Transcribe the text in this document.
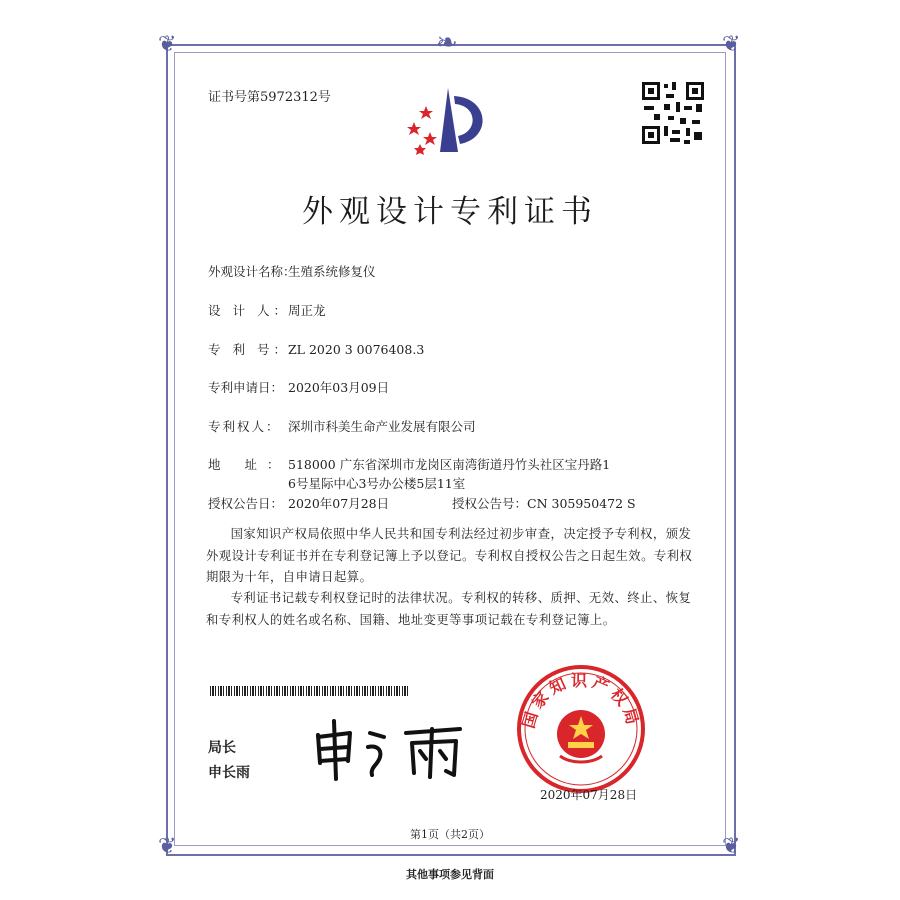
❦	❦
❦	❦
❧
证书号第5972312号
外观设计专利证书
外观设计名称：生殖系统修复仪
设 计 人：周正龙
专 利 号：ZL 2020 3 0076408.3
专利申请日： 2020年03月09日
专利权人： 深圳市科美生命产业发展有限公司
地 址：518000 广东省深圳市龙岗区南湾街道丹竹头社区宝丹路1
6号星际中心3号办公楼5层11室
授权公告日： 2020年07月28日	授权公告号：CN 305950472 S
国家知识产权局依照中华人民共和国专利法经过初步审查，决定授予专利权，颁发外观设计专利证书并在专利登记簿上予以登记。专利权自授权公告之日起生效。专利权期限为十年，自申请日起算。
专利证书记载专利权登记时的法律状况。专利权的转移、质押、无效、终止、恢复和专利权人的姓名或名称、国籍、地址变更等事项记载在专利登记簿上。
局长
申长雨
国家知识产权局
2020年07月28日
第1页（共2页）
其他事项参见背面
